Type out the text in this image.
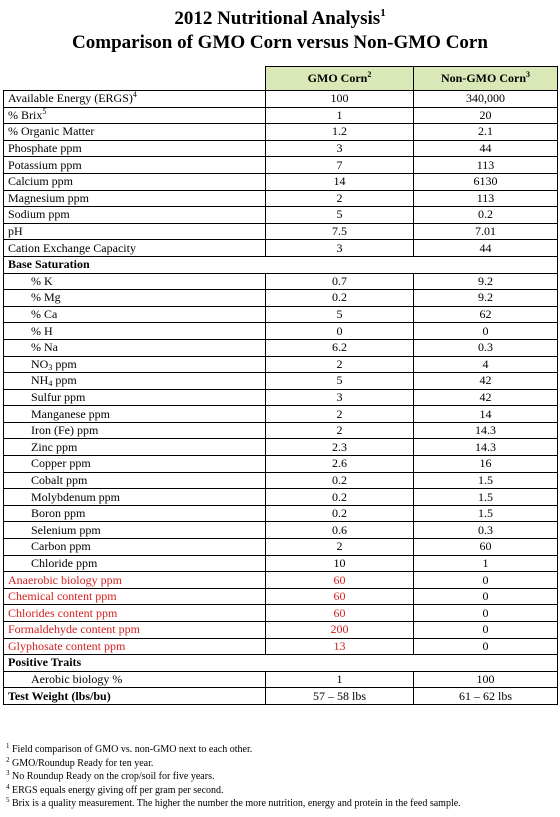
2012 Nutritional Analysis$^1$
Comparison of GMO Corn versus Non-GMO Corn
	GMO Corn$^2$	Non-GMO Corn$^3$
Available Energy (ERGS)$^4$	100	340,000
% Brix$^5$	1	20
% Organic Matter	1.2	2.1
Phosphate ppm	3	44
Potassium ppm	7	113
Calcium ppm	14	6130
Magnesium ppm	2	113
Sodium ppm	5	0.2
pH	7.5	7.01
Cation Exchange Capacity	3	44
Base Saturation		
% K	0.7	9.2
% Mg	0.2	9.2
% Ca	5	62
% H	0	0
% Na	6.2	0.3
$NO_3$ ppm	2	4
$NH_4$ ppm	5	42
Sulfur ppm	3	42
Manganese ppm	2	14
Iron (Fe) ppm	2	14.3
Zinc ppm	2.3	14.3
Copper ppm	2.6	16
Cobalt ppm	0.2	1.5
Molybdenum ppm	0.2	1.5
Boron ppm	0.2	1.5
Selenium ppm	0.6	0.3
Carbon ppm	2	60
Chloride ppm	10	1
Anaerobic biology ppm	60	0
Chemical content ppm	60	0
Chlorides content ppm	60	0
Formaldehyde content ppm	200	0
Glyphosate content ppm	13	0
Positive Traits		
Aerobic biology %	1	100
Test Weight (lbs/bu)	57 – 58 lbs	61 – 62 lbs
$^1$ Field comparison of GMO vs. non-GMO next to each other.
$^2$ GMO/Roundup Ready for ten year.
$^3$ No Roundup Ready on the crop/soil for five years.
$^4$ ERGS equals energy giving off per gram per second.
$^5$ Brix is a quality measurement. The higher the number the more nutrition, energy and protein in the feed sample.
